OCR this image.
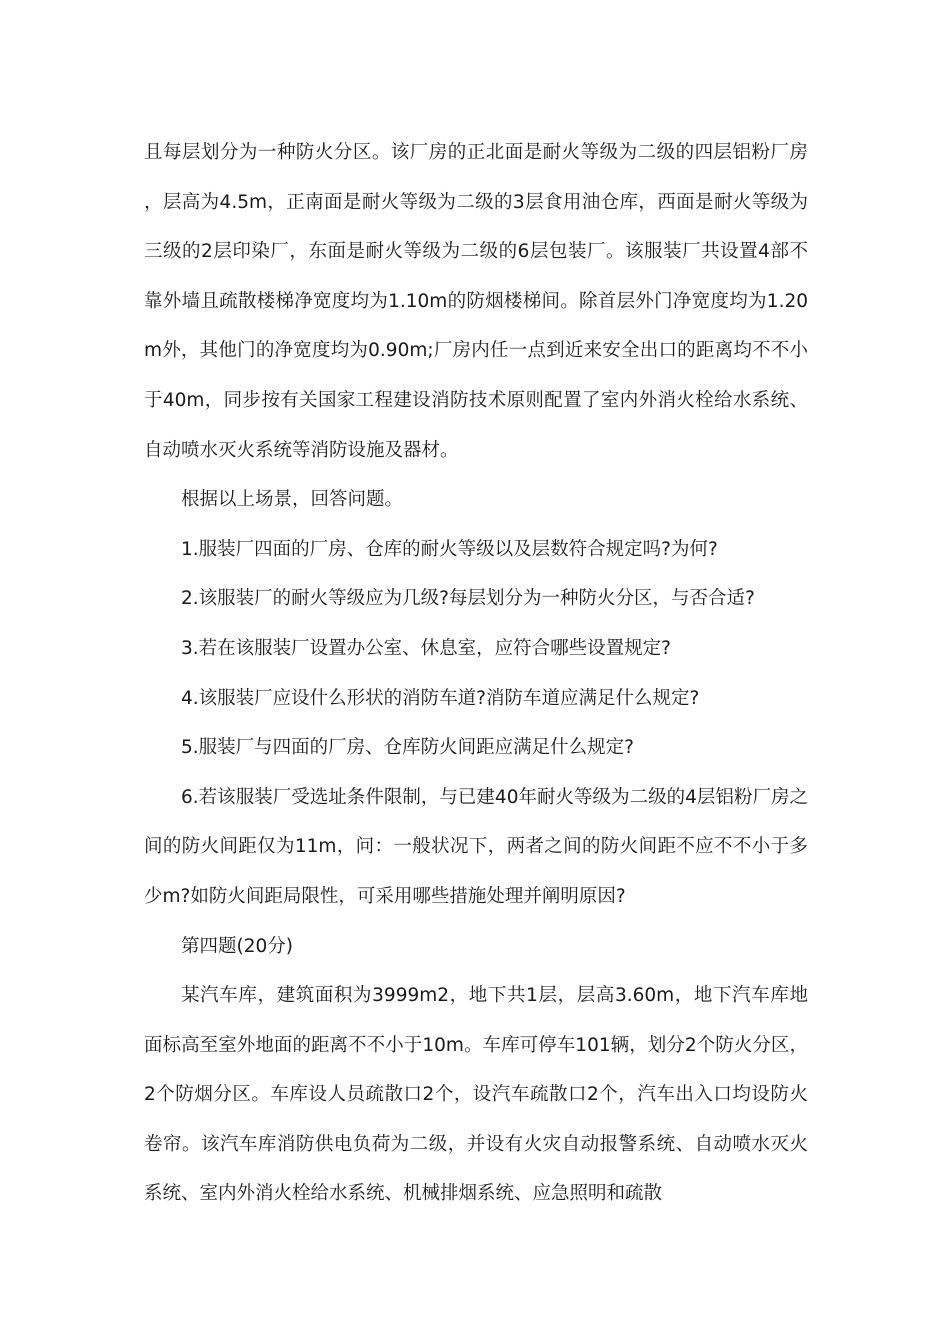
且每层划分为一种防火分区。该厂房的正北面是耐火等级为二级的四层铝粉厂房，层高为4.5m，正南面是耐火等级为二级的3层食用油仓库，西面是耐火等级为三级的2层印染厂，东面是耐火等级为二级的6层包装厂。该服装厂共设置4部不靠外墙且疏散楼梯净宽度均为1.10m的防烟楼梯间。除首层外门净宽度均为1.20m外，其他门的净宽度均为0.90m;厂房内任一点到近来安全出口的距离均不不小于40m，同步按有关国家工程建设消防技术原则配置了室内外消火栓给水系统、自动喷水灭火系统等消防设施及器材。

根据以上场景，回答问题。

1.服装厂四面的厂房、仓库的耐火等级以及层数符合规定吗?为何?

2.该服装厂的耐火等级应为几级?每层划分为一种防火分区，与否合适?

3.若在该服装厂设置办公室、休息室，应符合哪些设置规定?

4.该服装厂应设什么形状的消防车道?消防车道应满足什么规定?

5.服装厂与四面的厂房、仓库防火间距应满足什么规定?

6.若该服装厂受选址条件限制，与已建40年耐火等级为二级的4层铝粉厂房之间的防火间距仅为11m，问：一般状况下，两者之间的防火间距不应不不小于多少m?如防火间距局限性，可采用哪些措施处理并阐明原因?

第四题(20分)

某汽车库，建筑面积为3999m2，地下共1层，层高3.60m，地下汽车库地面标高至室外地面的距离不不小于10m。车库可停车101辆，划分2个防火分区，2个防烟分区。车库设人员疏散口2个，设汽车疏散口2个，汽车出入口均设防火卷帘。该汽车库消防供电负荷为二级，并设有火灾自动报警系统、自动喷水灭火系统、室内外消火栓给水系统、机械排烟系统、应急照明和疏散
